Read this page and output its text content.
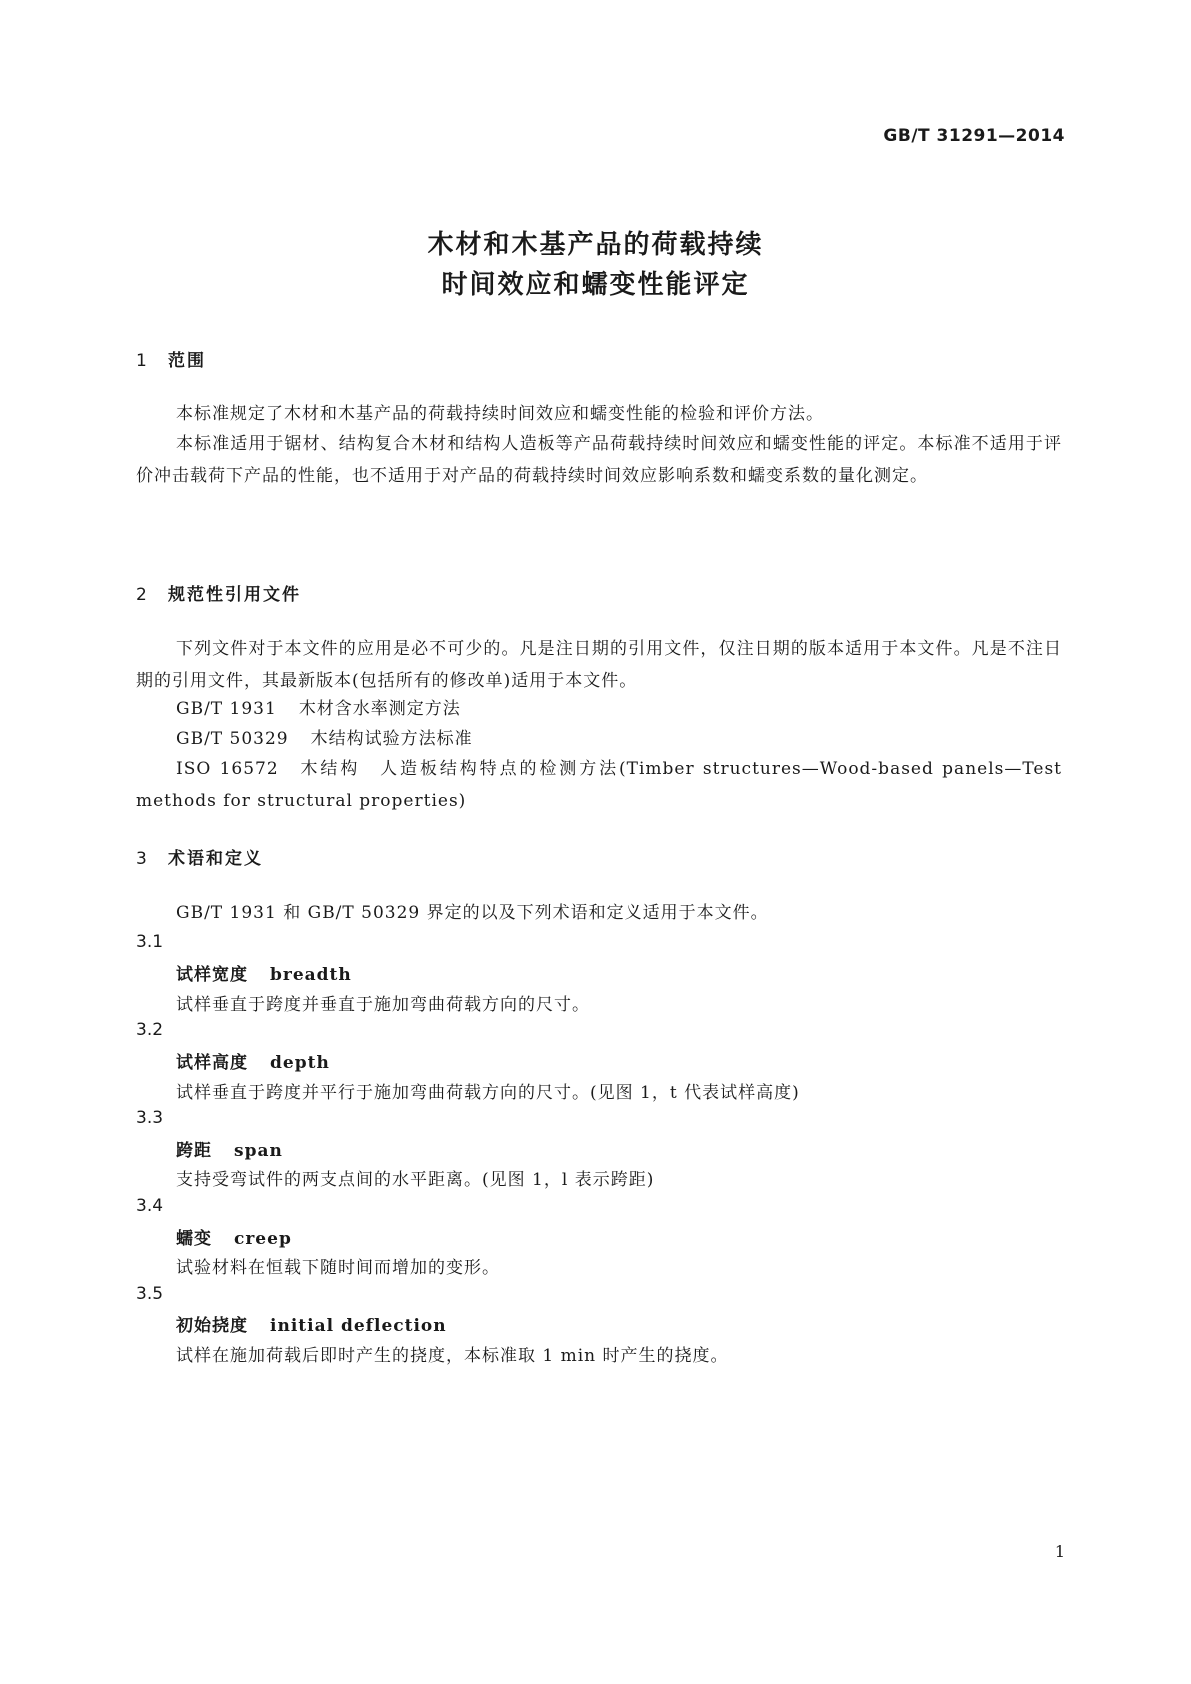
GB/T 31291—2014
木材和木基产品的荷载持续
时间效应和蠕变性能评定
1 范围
本标准规定了木材和木基产品的荷载持续时间效应和蠕变性能的检验和评价方法。
本标准适用于锯材、结构复合木材和结构人造板等产品荷载持续时间效应和蠕变性能的评定。本标准不适用于评价冲击载荷下产品的性能，也不适用于对产品的荷载持续时间效应影响系数和蠕变系数的量化测定。
2 规范性引用文件
下列文件对于本文件的应用是必不可少的。凡是注日期的引用文件，仅注日期的版本适用于本文件。凡是不注日期的引用文件，其最新版本(包括所有的修改单)适用于本文件。
GB/T 1931 木材含水率测定方法
GB/T 50329 木结构试验方法标准
ISO 16572　木结构　人造板结构特点的检测方法(Timber structures—Wood-based panels—Test methods for structural properties)
3 术语和定义
GB/T 1931 和 GB/T 50329 界定的以及下列术语和定义适用于本文件。
3.1
试样宽度 breadth
试样垂直于跨度并垂直于施加弯曲荷载方向的尺寸。
3.2
试样高度 depth
试样垂直于跨度并平行于施加弯曲荷载方向的尺寸。(见图 1，t 代表试样高度)
3.3
跨距 span
支持受弯试件的两支点间的水平距离。(见图 1，l 表示跨距)
3.4
蠕变 creep
试验材料在恒载下随时间而增加的变形。
3.5
初始挠度 initial deflection
试样在施加荷载后即时产生的挠度，本标准取 1 min 时产生的挠度。
1
